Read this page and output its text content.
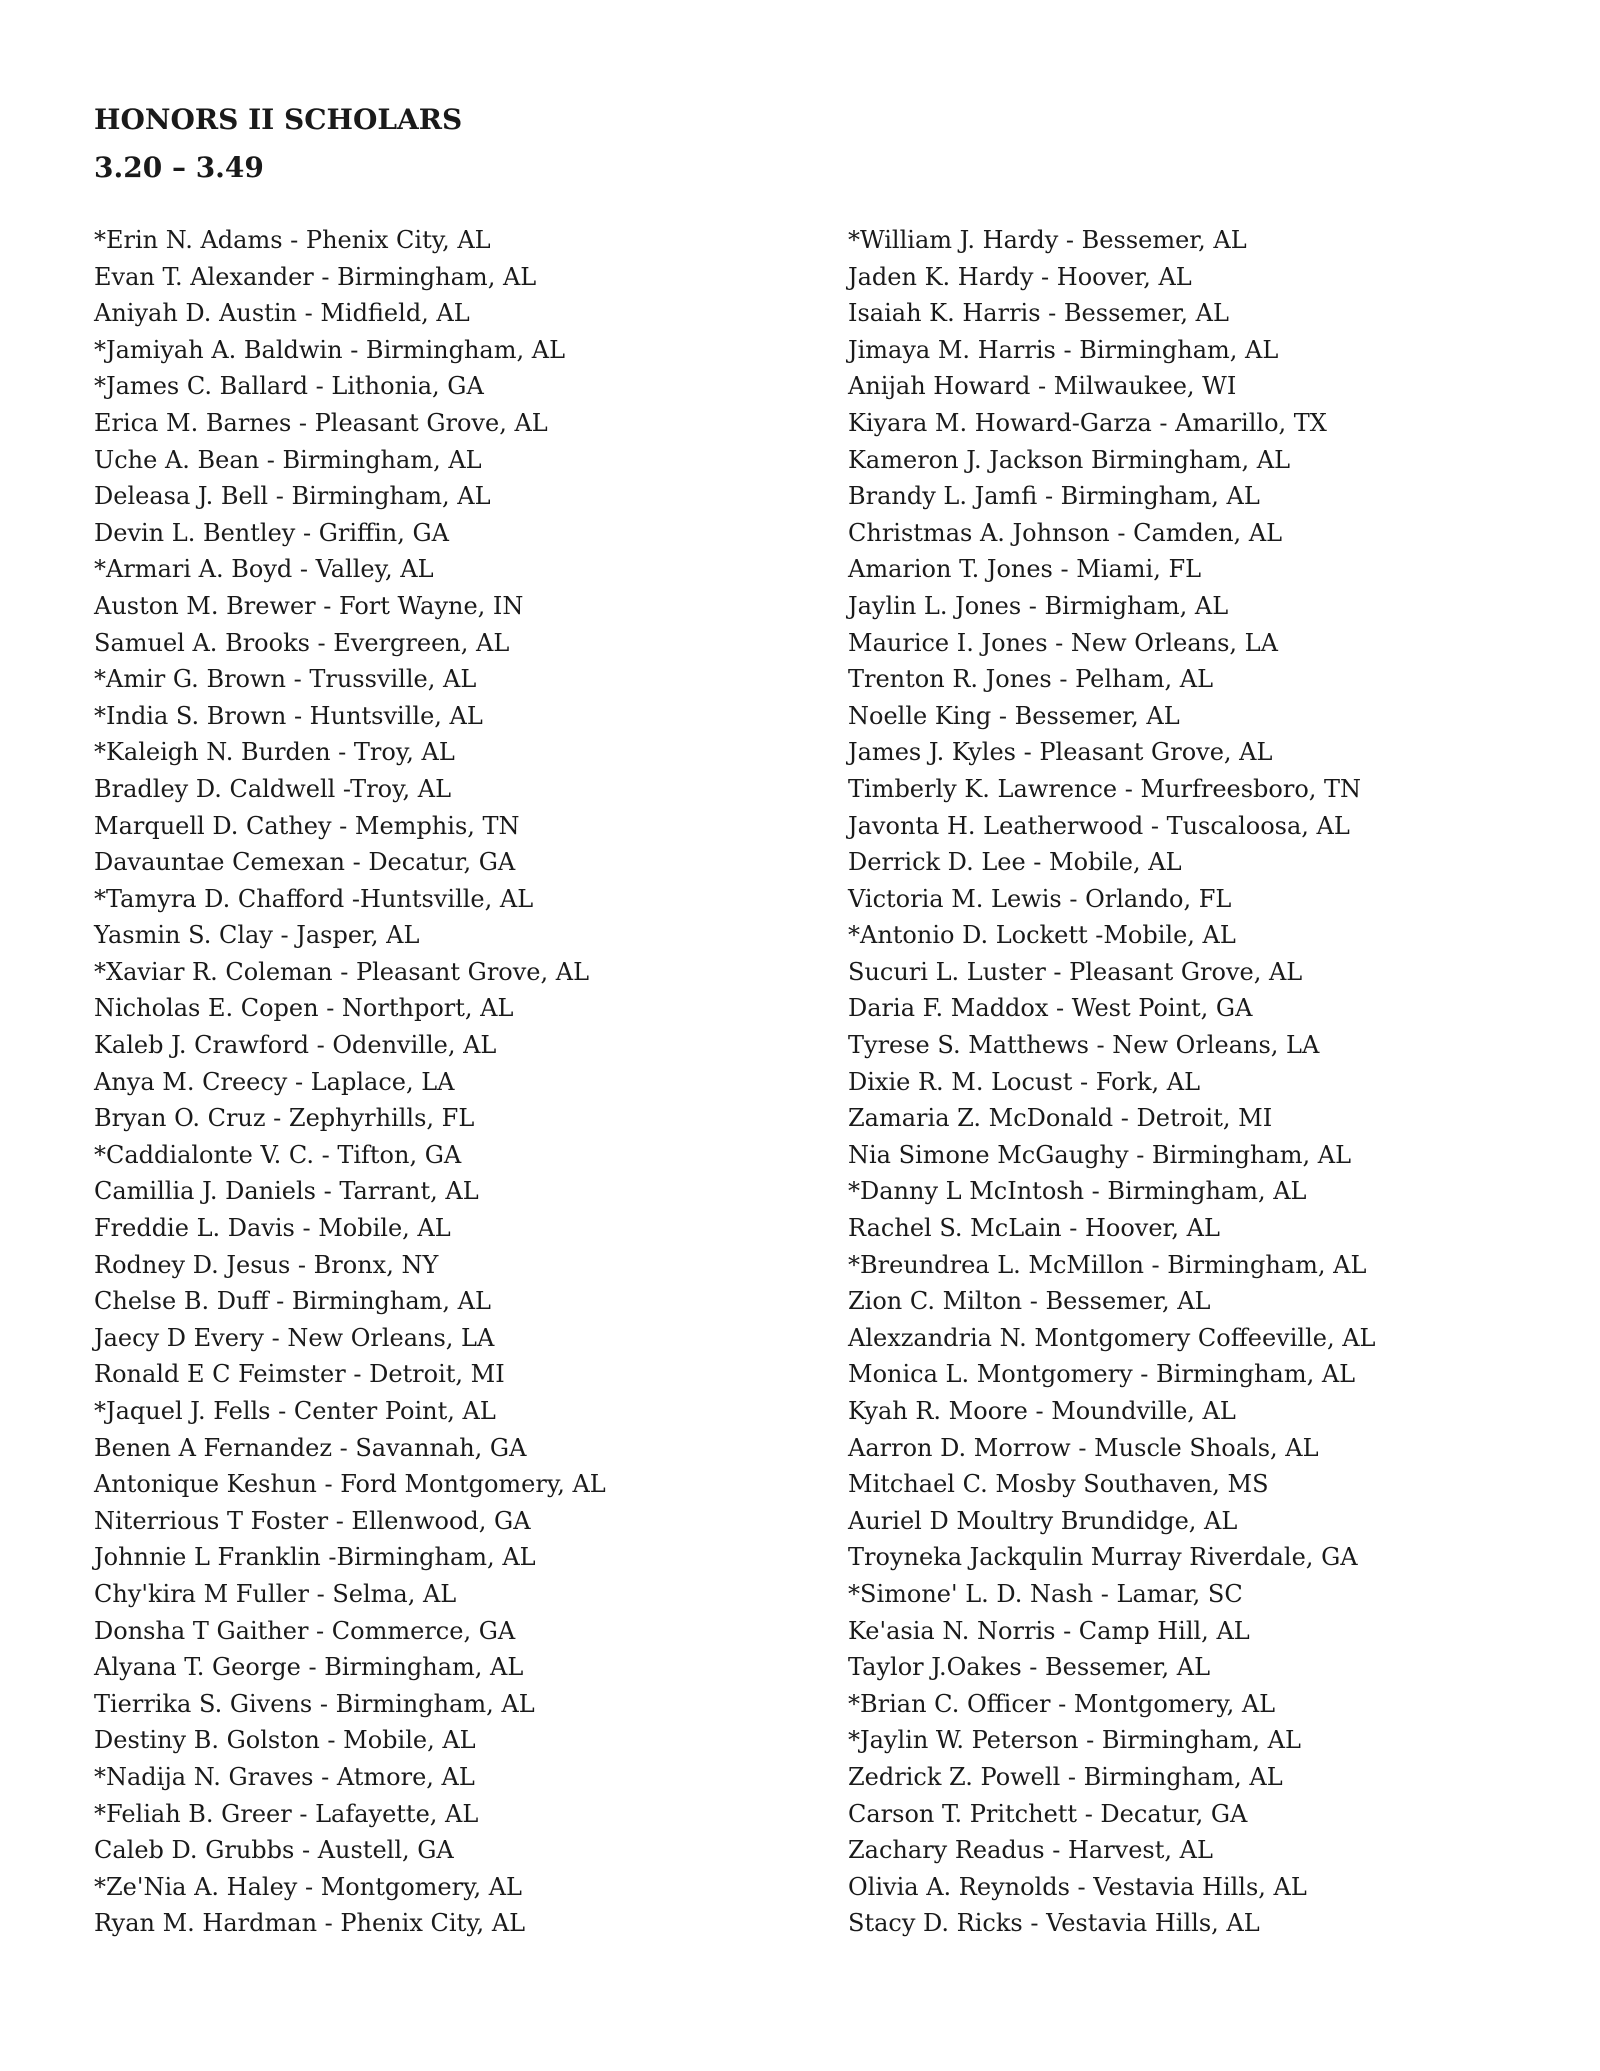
HONORS II SCHOLARS
3.20 – 3.49
*Erin N. Adams - Phenix City, AL
Evan T. Alexander - Birmingham, AL
Aniyah D. Austin - Midfield, AL
*Jamiyah A. Baldwin - Birmingham, AL
*James C. Ballard - Lithonia, GA
Erica M. Barnes - Pleasant Grove, AL
Uche A. Bean - Birmingham, AL
Deleasa J. Bell - Birmingham, AL
Devin L. Bentley - Griffin, GA
*Armari A. Boyd - Valley, AL
Auston M. Brewer - Fort Wayne, IN
Samuel A. Brooks - Evergreen, AL
*Amir G. Brown - Trussville, AL
*India S. Brown - Huntsville, AL
*Kaleigh N. Burden - Troy, AL
Bradley D. Caldwell -Troy, AL
Marquell D. Cathey - Memphis, TN
Davauntae Cemexan - Decatur, GA
*Tamyra D. Chafford -Huntsville, AL
Yasmin S. Clay - Jasper, AL
*Xaviar R. Coleman - Pleasant Grove, AL
Nicholas E. Copen - Northport, AL
Kaleb J. Crawford - Odenville, AL
Anya M. Creecy - Laplace, LA
Bryan O. Cruz - Zephyrhills, FL
*Caddialonte V. C. - Tifton, GA
Camillia J. Daniels - Tarrant, AL
Freddie L. Davis - Mobile, AL
Rodney D. Jesus - Bronx, NY
Chelse B. Duff - Birmingham, AL
Jaecy D Every - New Orleans, LA
Ronald E C Feimster - Detroit, MI
*Jaquel J. Fells - Center Point, AL
Benen A Fernandez - Savannah, GA
Antonique Keshun - Ford Montgomery, AL
Niterrious T Foster - Ellenwood, GA
Johnnie L Franklin -Birmingham, AL
Chy'kira M Fuller - Selma, AL
Donsha T Gaither - Commerce, GA
Alyana T. George - Birmingham, AL
Tierrika S. Givens - Birmingham, AL
Destiny B. Golston - Mobile, AL
*Nadija N. Graves - Atmore, AL
*Feliah B. Greer - Lafayette, AL
Caleb D. Grubbs - Austell, GA
*Ze'Nia A. Haley - Montgomery, AL
Ryan M. Hardman - Phenix City, AL
*William J. Hardy - Bessemer, AL
Jaden K. Hardy - Hoover, AL
Isaiah K. Harris - Bessemer, AL
Jimaya M. Harris - Birmingham, AL
Anijah Howard - Milwaukee, WI
Kiyara M. Howard-Garza - Amarillo, TX
Kameron J. Jackson Birmingham, AL
Brandy L. Jamfi - Birmingham, AL
Christmas A. Johnson - Camden, AL
Amarion T. Jones - Miami, FL
Jaylin L. Jones - Birmigham, AL
Maurice I. Jones - New Orleans, LA
Trenton R. Jones - Pelham, AL
Noelle King - Bessemer, AL
James J. Kyles - Pleasant Grove, AL
Timberly K. Lawrence - Murfreesboro, TN
Javonta H. Leatherwood - Tuscaloosa, AL
Derrick D. Lee - Mobile, AL
Victoria M. Lewis - Orlando, FL
*Antonio D. Lockett -Mobile, AL
Sucuri L. Luster - Pleasant Grove, AL
Daria F. Maddox - West Point, GA
Tyrese S. Matthews - New Orleans, LA
Dixie R. M. Locust - Fork, AL
Zamaria Z. McDonald - Detroit, MI
Nia Simone McGaughy - Birmingham, AL
*Danny L McIntosh - Birmingham, AL
Rachel S. McLain - Hoover, AL
*Breundrea L. McMillon - Birmingham, AL
Zion C. Milton - Bessemer, AL
Alexzandria N. Montgomery Coffeeville, AL
Monica L. Montgomery - Birmingham, AL
Kyah R. Moore - Moundville, AL
Aarron D. Morrow - Muscle Shoals, AL
Mitchael C. Mosby Southaven, MS
Auriel D Moultry Brundidge, AL
Troyneka Jackqulin Murray Riverdale, GA
*Simone' L. D. Nash - Lamar, SC
Ke'asia N. Norris - Camp Hill, AL
Taylor J.Oakes - Bessemer, AL
*Brian C. Officer - Montgomery, AL
*Jaylin W. Peterson - Birmingham, AL
Zedrick Z. Powell - Birmingham, AL
Carson T. Pritchett - Decatur, GA
Zachary Readus - Harvest, AL
Olivia A. Reynolds - Vestavia Hills, AL
Stacy D. Ricks - Vestavia Hills, AL
